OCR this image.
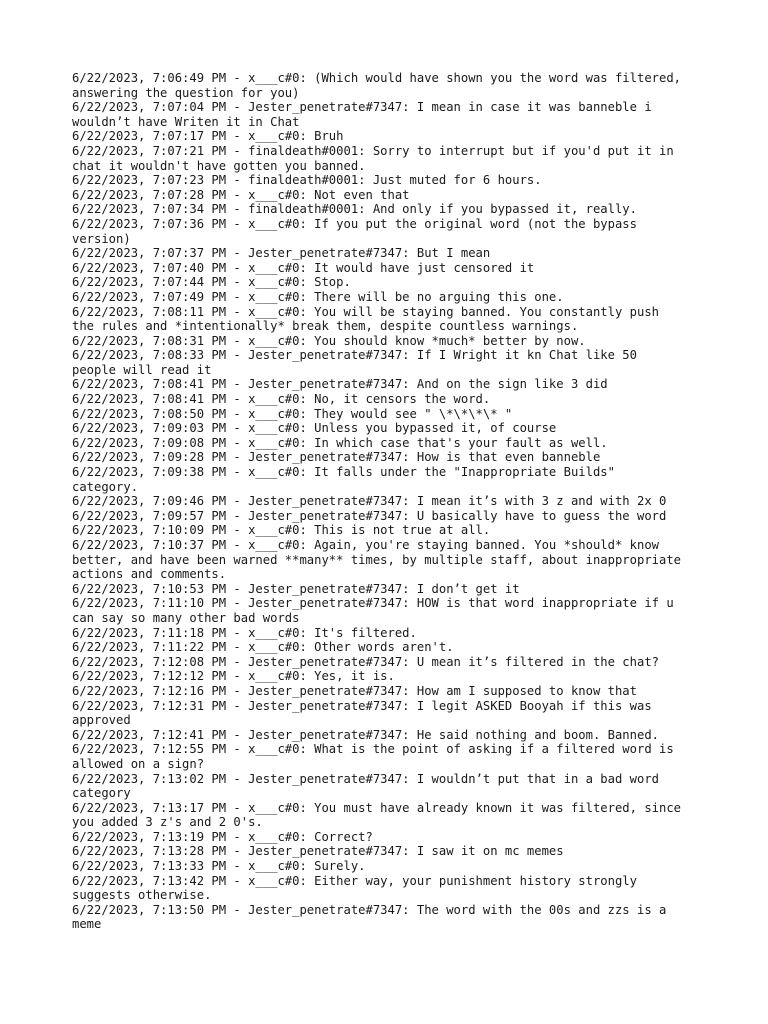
6/22/2023, 7:06:49 PM - x___c#0: (Which would have shown you the word was filtered,
answering the question for you)
6/22/2023, 7:07:04 PM - Jester_penetrate#7347: I mean in case it was banneble i
wouldn’t have Writen it in Chat
6/22/2023, 7:07:17 PM - x___c#0: Bruh
6/22/2023, 7:07:21 PM - finaldeath#0001: Sorry to interrupt but if you'd put it in
chat it wouldn't have gotten you banned.
6/22/2023, 7:07:23 PM - finaldeath#0001: Just muted for 6 hours.
6/22/2023, 7:07:28 PM - x___c#0: Not even that
6/22/2023, 7:07:34 PM - finaldeath#0001: And only if you bypassed it, really.
6/22/2023, 7:07:36 PM - x___c#0: If you put the original word (not the bypass
version)
6/22/2023, 7:07:37 PM - Jester_penetrate#7347: But I mean
6/22/2023, 7:07:40 PM - x___c#0: It would have just censored it
6/22/2023, 7:07:44 PM - x___c#0: Stop.
6/22/2023, 7:07:49 PM - x___c#0: There will be no arguing this one.
6/22/2023, 7:08:11 PM - x___c#0: You will be staying banned. You constantly push
the rules and *intentionally* break them, despite countless warnings.
6/22/2023, 7:08:31 PM - x___c#0: You should know *much* better by now.
6/22/2023, 7:08:33 PM - Jester_penetrate#7347: If I Wright it kn Chat like 50
people will read it
6/22/2023, 7:08:41 PM - Jester_penetrate#7347: And on the sign like 3 did
6/22/2023, 7:08:41 PM - x___c#0: No, it censors the word.
6/22/2023, 7:08:50 PM - x___c#0: They would see " \*\*\*\* "
6/22/2023, 7:09:03 PM - x___c#0: Unless you bypassed it, of course
6/22/2023, 7:09:08 PM - x___c#0: In which case that's your fault as well.
6/22/2023, 7:09:28 PM - Jester_penetrate#7347: How is that even banneble
6/22/2023, 7:09:38 PM - x___c#0: It falls under the "Inappropriate Builds"
category.
6/22/2023, 7:09:46 PM - Jester_penetrate#7347: I mean it’s with 3 z and with 2x 0
6/22/2023, 7:09:57 PM - Jester_penetrate#7347: U basically have to guess the word
6/22/2023, 7:10:09 PM - x___c#0: This is not true at all.
6/22/2023, 7:10:37 PM - x___c#0: Again, you're staying banned. You *should* know
better, and have been warned **many** times, by multiple staff, about inappropriate
actions and comments.
6/22/2023, 7:10:53 PM - Jester_penetrate#7347: I don’t get it
6/22/2023, 7:11:10 PM - Jester_penetrate#7347: HOW is that word inappropriate if u
can say so many other bad words
6/22/2023, 7:11:18 PM - x___c#0: It's filtered.
6/22/2023, 7:11:22 PM - x___c#0: Other words aren't.
6/22/2023, 7:12:08 PM - Jester_penetrate#7347: U mean it’s filtered in the chat?
6/22/2023, 7:12:12 PM - x___c#0: Yes, it is.
6/22/2023, 7:12:16 PM - Jester_penetrate#7347: How am I supposed to know that
6/22/2023, 7:12:31 PM - Jester_penetrate#7347: I legit ASKED Booyah if this was
approved
6/22/2023, 7:12:41 PM - Jester_penetrate#7347: He said nothing and boom. Banned.
6/22/2023, 7:12:55 PM - x___c#0: What is the point of asking if a filtered word is
allowed on a sign?
6/22/2023, 7:13:02 PM - Jester_penetrate#7347: I wouldn’t put that in a bad word
category
6/22/2023, 7:13:17 PM - x___c#0: You must have already known it was filtered, since
you added 3 z's and 2 0's.
6/22/2023, 7:13:19 PM - x___c#0: Correct?
6/22/2023, 7:13:28 PM - Jester_penetrate#7347: I saw it on mc memes
6/22/2023, 7:13:33 PM - x___c#0: Surely.
6/22/2023, 7:13:42 PM - x___c#0: Either way, your punishment history strongly
suggests otherwise.
6/22/2023, 7:13:50 PM - Jester_penetrate#7347: The word with the 00s and zzs is a
meme
